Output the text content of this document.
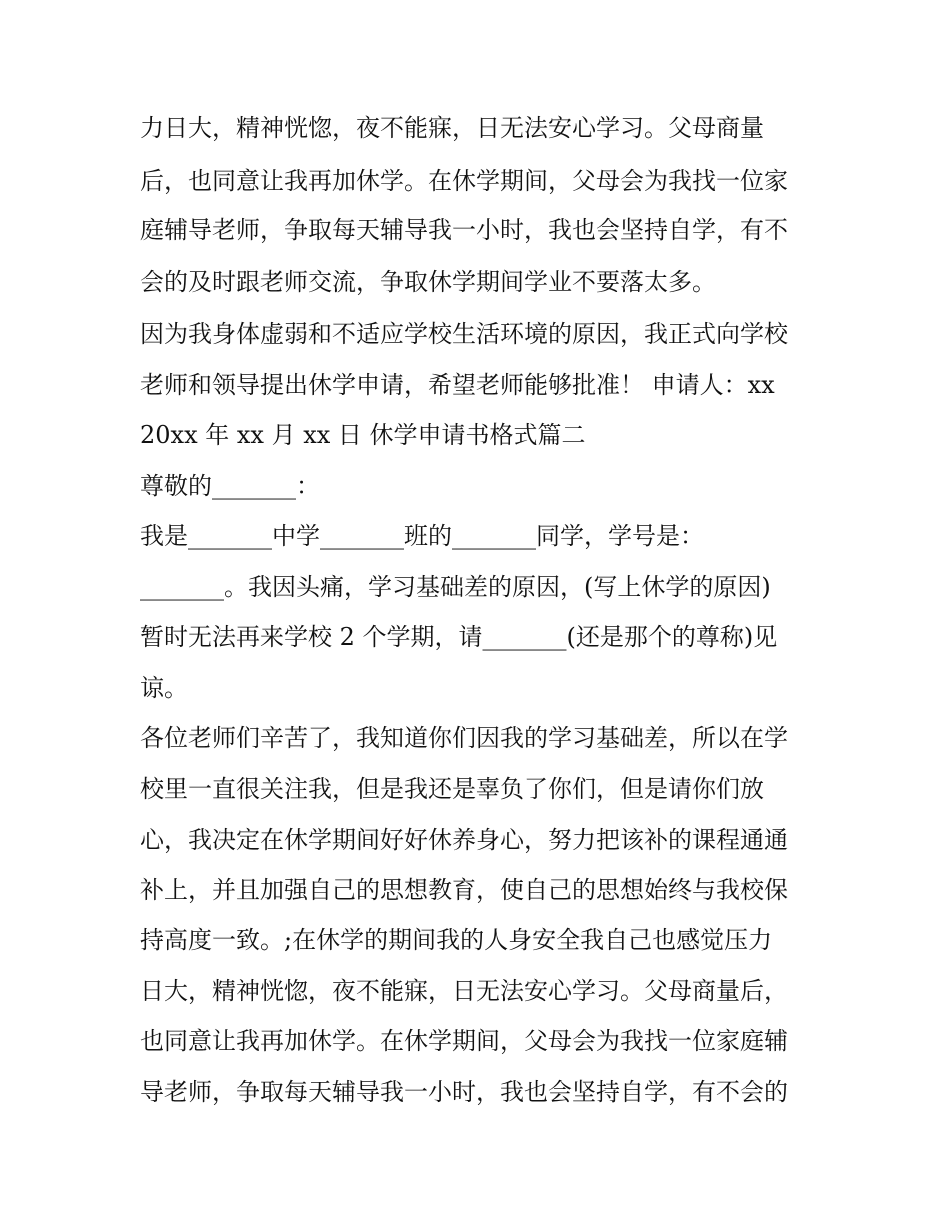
力日大，精神恍惚，夜不能寐，日无法安心学习。父母商量

后，也同意让我再加休学。在休学期间，父母会为我找一位家

庭辅导老师，争取每天辅导我一小时，我也会坚持自学，有不

会的及时跟老师交流，争取休学期间学业不要落太多。

因为我身体虚弱和不适应学校生活环境的原因，我正式向学校

老师和领导提出休学申请，希望老师能够批准！ 申请人：xx

20xx 年 xx 月 xx 日 休学申请书格式篇二

尊敬的_______：

我是_______中学_______班的_______同学，学号是：

_______。我因头痛，学习基础差的原因，(写上休学的原因)

暂时无法再来学校 2 个学期，请_______(还是那个的尊称)见

谅。

各位老师们辛苦了，我知道你们因我的学习基础差，所以在学

校里一直很关注我，但是我还是辜负了你们，但是请你们放

心，我决定在休学期间好好休养身心，努力把该补的课程通通

补上，并且加强自己的思想教育，使自己的思想始终与我校保

持高度一致。;在休学的期间我的人身安全我自己也感觉压力

日大，精神恍惚，夜不能寐，日无法安心学习。父母商量后，

也同意让我再加休学。在休学期间，父母会为我找一位家庭辅

导老师，争取每天辅导我一小时，我也会坚持自学，有不会的
